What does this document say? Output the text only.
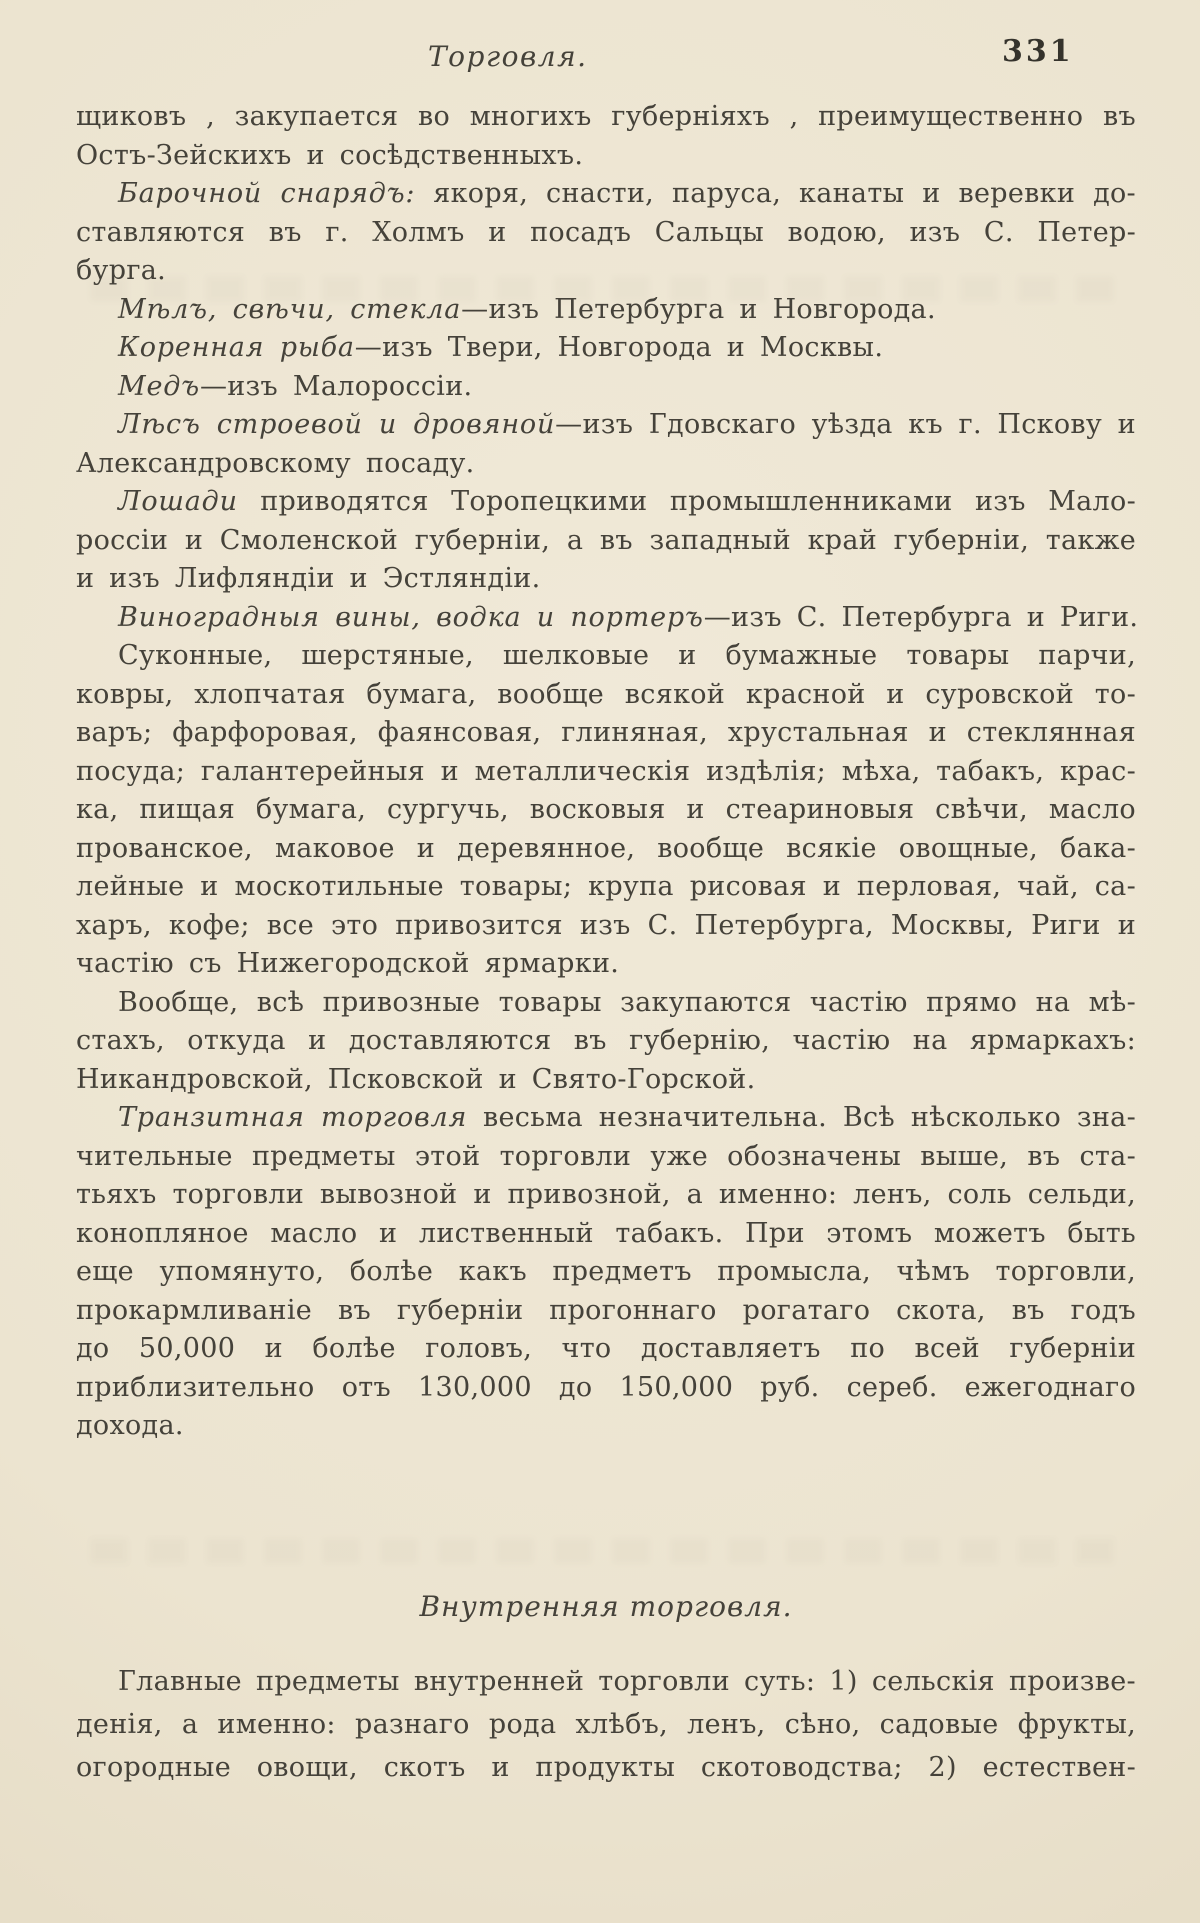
Торговля.	331
щиковъ , закупается во многихъ губерніяхъ , преимущественно въ
Остъ-Зейскихъ и сосѣдственныхъ.
Барочной снарядъ: якоря, снасти, паруса, канаты и веревки до-
ставляются въ г. Холмъ и посадъ Сальцы водою, изъ С. Петер-
бурга.
Мѣлъ, свѣчи, стекла—изъ Петербурга и Новгорода.
Коренная рыба—изъ Твери, Новгорода и Москвы.
Медъ—изъ Малороссіи.
Лѣсъ строевой и дровяной—изъ Гдовскаго уѣзда къ г. Пскову и
Александровскому посаду.
Лошади приводятся Торопецкими промышленниками изъ Мало-
россіи и Смоленской губерніи, а въ западный край губерніи, также
и изъ Лифляндіи и Эстляндіи.
Виноградныя вины, водка и портеръ—изъ С. Петербурга и Риги.
Суконные, шерстяные, шелковые и бумажные товары парчи,
ковры, хлопчатая бумага, вообще всякой красной и суровской то-
варъ; фарфоровая, фаянсовая, глиняная, хрустальная и стеклянная
посуда; галантерейныя и металлическія издѣлія; мѣха, табакъ, крас-
ка, пищая бумага, сургучь, восковыя и стеариновыя свѣчи, масло
прованское, маковое и деревянное, вообще всякіе овощные, бака-
лейные и москотильные товары; крупа рисовая и перловая, чай, са-
харъ, кофе; все это привозится изъ С. Петербурга, Москвы, Риги и
частію съ Нижегородской ярмарки.
Вообще, всѣ привозные товары закупаются частію прямо на мѣ-
стахъ, откуда и доставляются въ губернію, частію на ярмаркахъ:
Никандровской, Псковской и Свято-Горской.
Транзитная торговля весьма незначительна. Всѣ нѣсколько зна-
чительные предметы этой торговли уже обозначены выше, въ ста-
тьяхъ торговли вывозной и привозной, а именно: ленъ, соль сельди,
конопляное масло и лиственный табакъ. При этомъ можетъ быть
еще упомянуто, болѣе какъ предметъ промысла, чѣмъ торговли,
прокармливаніе въ губерніи прогоннаго рогатаго скота, въ годъ
до 50,000 и болѣе головъ, что доставляетъ по всей губерніи
приблизительно отъ 130,000 до 150,000 руб. сереб. ежегоднаго
дохода.
Внутренняя торговля.
Главные предметы внутренней торговли суть: 1) сельскія произве-
денія, а именно: разнаго рода хлѣбъ, ленъ, сѣно, садовые фрукты,
огородные овощи, скотъ и продукты скотоводства; 2) естествен-
